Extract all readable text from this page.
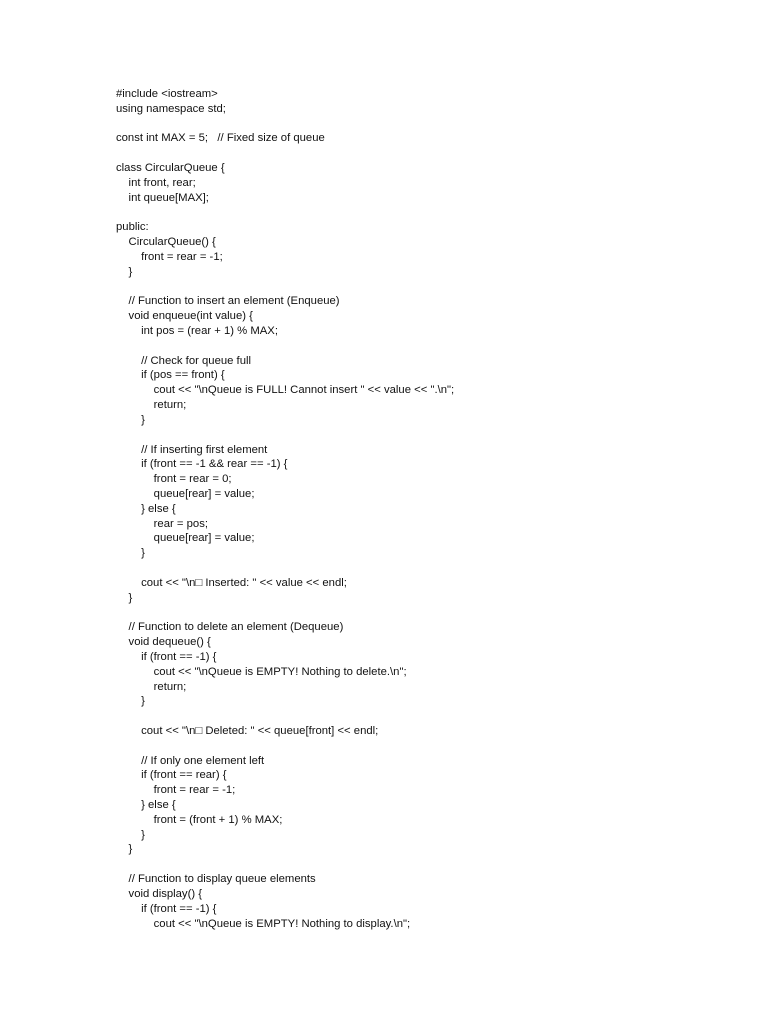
#include <iostream>
using namespace std;
const int MAX = 5;   // Fixed size of queue
class CircularQueue {
int front, rear;
int queue[MAX];
public:
CircularQueue() {
front = rear = -1;
}
// Function to insert an element (Enqueue)
void enqueue(int value) {
int pos = (rear + 1) % MAX;
// Check for queue full
if (pos == front) {
cout << "\nQueue is FULL! Cannot insert " << value << ".\n";
return;
}
// If inserting first element
if (front == -1 && rear == -1) {
front = rear = 0;
queue[rear] = value;
} else {
rear = pos;
queue[rear] = value;
}
cout << "\n□ Inserted: " << value << endl;
}
// Function to delete an element (Dequeue)
void dequeue() {
if (front == -1) {
cout << "\nQueue is EMPTY! Nothing to delete.\n";
return;
}
cout << "\n□ Deleted: " << queue[front] << endl;
// If only one element left
if (front == rear) {
front = rear = -1;
} else {
front = (front + 1) % MAX;
}
}
// Function to display queue elements
void display() {
if (front == -1) {
cout << "\nQueue is EMPTY! Nothing to display.\n";
